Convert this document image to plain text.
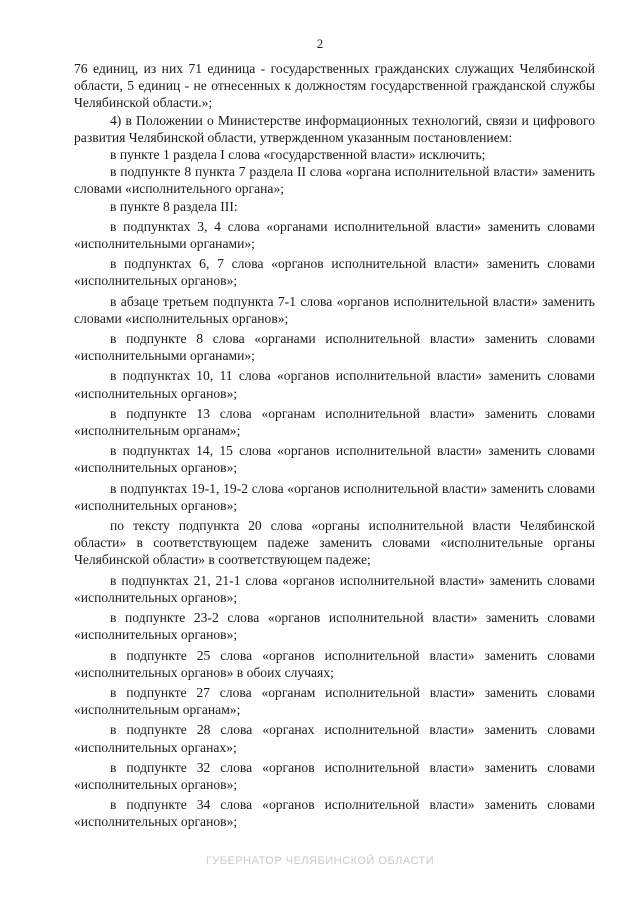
2

76 единиц, из них 71 единица - государственных гражданских служащих Челябинской области, 5 единиц - не отнесенных к должностям государственной гражданской службы Челябинской области.»;

4) в Положении о Министерстве информационных технологий, связи и цифрового развития Челябинской области, утвержденном указанным постановлением:

в пункте 1 раздела I слова «государственной власти» исключить;

в подпункте 8 пункта 7 раздела II слова «органа исполнительной власти» заменить словами «исполнительного органа»;

в пункте 8 раздела III:

в подпунктах 3, 4 слова «органами исполнительной власти» заменить словами «исполнительными органами»;

в подпунктах 6, 7 слова «органов исполнительной власти» заменить словами «исполнительных органов»;

в абзаце третьем подпункта 7-1 слова «органов исполнительной власти» заменить словами «исполнительных органов»;

в подпункте 8 слова «органами исполнительной власти» заменить словами «исполнительными органами»;

в подпунктах 10, 11 слова «органов исполнительной власти» заменить словами «исполнительных органов»;

в подпункте 13 слова «органам исполнительной власти» заменить словами «исполнительным органам»;

в подпунктах 14, 15 слова «органов исполнительной власти» заменить словами «исполнительных органов»;

в подпунктах 19-1, 19-2 слова «органов исполнительной власти» заменить словами «исполнительных органов»;

по тексту подпункта 20 слова «органы исполнительной власти Челябинской области» в соответствующем падеже заменить словами «исполнительные органы Челябинской области» в соответствующем падеже;

в подпунктах 21, 21-1 слова «органов исполнительной власти» заменить словами «исполнительных органов»;

в подпункте 23-2 слова «органов исполнительной власти» заменить словами «исполнительных органов»;

в подпункте 25 слова «органов исполнительной власти» заменить словами «исполнительных органов» в обоих случаях;

в подпункте 27 слова «органам исполнительной власти» заменить словами «исполнительным органам»;

в подпункте 28 слова «органах исполнительной власти» заменить словами «исполнительных органах»;

в подпункте 32 слова «органов исполнительной власти» заменить словами «исполнительных органов»;

в подпункте 34 слова «органов исполнительной власти» заменить словами «исполнительных органов»;

ГУБЕРНАТОР ЧЕЛЯБИНСКОЙ ОБЛАСТИ
